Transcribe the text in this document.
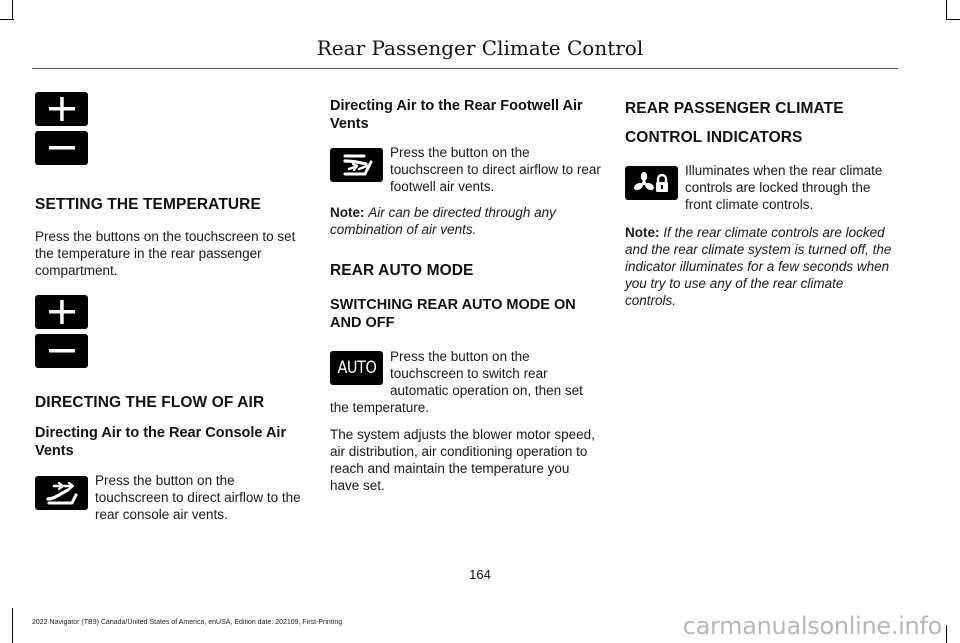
Rear Passenger Climate Control
SETTING THE TEMPERATURE

Press the buttons on the touchscreen to set the temperature in the rear passenger compartment.

DIRECTING THE FLOW OF AIR
Directing Air to the Rear Console Air Vents

Press the button on the touchscreen to direct airflow to the rear console air vents.

Directing Air to the Rear Footwell Air Vents

Press the button on the touchscreen to direct airflow to rear footwell air vents.

Note: Air can be directed through any combination of air vents.

REAR AUTO MODE
SWITCHING REAR AUTO MODE ON AND OFF
AUTO

Press the button on the touchscreen to switch rear automatic operation on, then set

the temperature.

The system adjusts the blower motor speed, air distribution, air conditioning operation to reach and maintain the temperature you have set.

REAR PASSENGER CLIMATE
CONTROL INDICATORS

Illuminates when the rear climate controls are locked through the front climate controls.

Note: If the rear climate controls are locked and the rear climate system is turned off, the indicator illuminates for a few seconds when you try to use any of the rear climate controls.

164
2022 Navigator (TB9) Canada/United States of America, enUSA, Edition date: 202109, First-Printing	carmanualsonline.info
